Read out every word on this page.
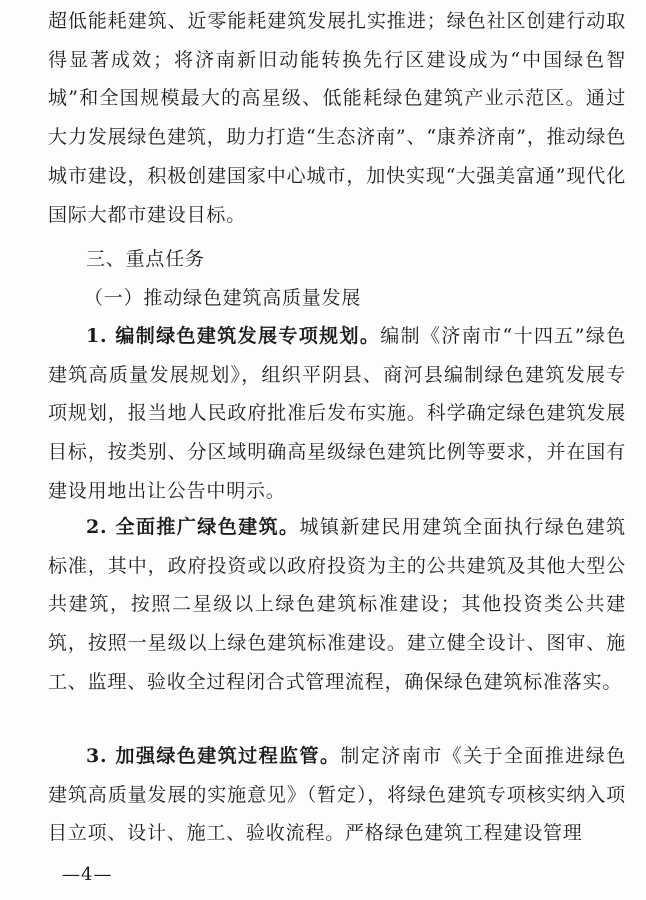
超低能耗建筑、近零能耗建筑发展扎实推进；绿色社区创建行动取得显著成效；将济南新旧动能转换先行区建设成为“中国绿色智城”和全国规模最大的高星级、低能耗绿色建筑产业示范区。通过大力发展绿色建筑，助力打造“生态济南”、“康养济南”，推动绿色城市建设，积极创建国家中心城市，加快实现“大强美富通”现代化国际大都市建设目标。

三、重点任务

（一）推动绿色建筑高质量发展

1. 编制绿色建筑发展专项规划。编制《济南市“十四五”绿色建筑高质量发展规划》，组织平阴县、商河县编制绿色建筑发展专项规划，报当地人民政府批准后发布实施。科学确定绿色建筑发展目标，按类别、分区域明确高星级绿色建筑比例等要求，并在国有建设用地出让公告中明示。

2. 全面推广绿色建筑。城镇新建民用建筑全面执行绿色建筑标准，其中，政府投资或以政府投资为主的公共建筑及其他大型公共建筑，按照二星级以上绿色建筑标准建设；其他投资类公共建筑，按照一星级以上绿色建筑标准建设。建立健全设计、图审、施工、监理、验收全过程闭合式管理流程，确保绿色建筑标准落实。

3. 加强绿色建筑过程监管。制定济南市《关于全面推进绿色建筑高质量发展的实施意见》（暂定），将绿色建筑专项核实纳入项目立项、设计、施工、验收流程。严格绿色建筑工程建设管理

—4—
